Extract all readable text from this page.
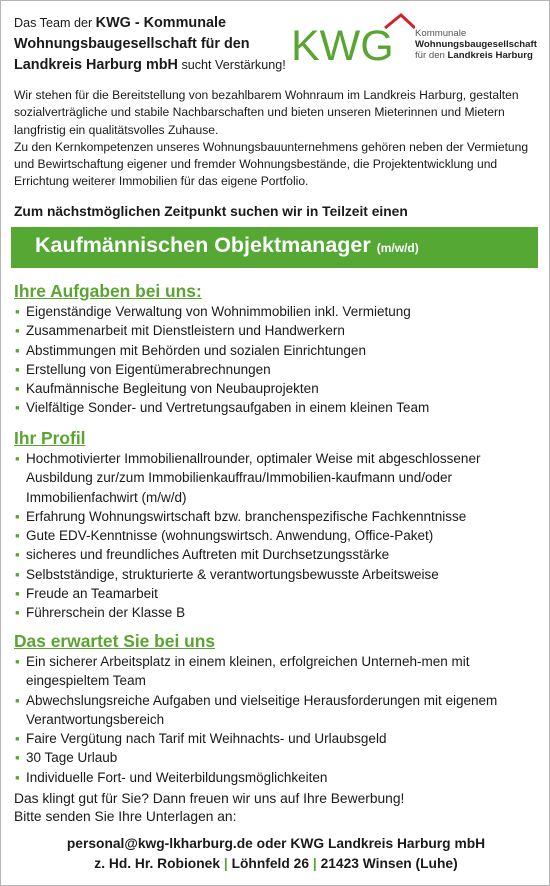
Das Team der KWG - Kommunale Wohnungsbaugesellschaft für den Landkreis Harburg mbH sucht Verstärkung! KWG Kommunale
Wohnungsbaugesellschaft
für den Landkreis Harburg
Wir stehen für die Bereitstellung von bezahlbarem Wohnraum im Landkreis Harburg, gestalten sozialverträgliche und stabile Nachbarschaften und bieten unseren Mieterinnen und Mietern langfristig ein qualitätsvolles Zuhause.
Zu den Kernkompetenzen unseres Wohnungsbauunternehmens gehören neben der Vermietung und Bewirtschaftung eigener und fremder Wohnungsbestände, die Projektentwicklung und Errichtung weiterer Immobilien für das eigene Portfolio.
Zum nächstmöglichen Zeitpunkt suchen wir in Teilzeit einen
Kaufmännischen Objektmanager (m/w/d)
Ihre Aufgaben bei uns:
▪ Eigenständige Verwaltung von Wohnimmobilien inkl. Vermietung
▪ Zusammenarbeit mit Dienstleistern und Handwerkern
▪ Abstimmungen mit Behörden und sozialen Einrichtungen
▪ Erstellung von Eigentümerabrechnungen
▪ Kaufmännische Begleitung von Neubauprojekten
▪ Vielfältige Sonder- und Vertretungsaufgaben in einem kleinen Team
Ihr Profil
▪ Hochmotivierter Immobilienallrounder, optimaler Weise mit abgeschlossener Ausbildung zur/zum Immobilienkauffrau/Immobilien-kaufmann und/oder Immobilienfachwirt (m/w/d)
▪ Erfahrung Wohnungswirtschaft bzw. branchenspezifische Fachkenntnisse
▪ Gute EDV-Kenntnisse (wohnungswirtsch. Anwendung, Office-Paket)
▪ sicheres und freundliches Auftreten mit Durchsetzungsstärke
▪ Selbstständige, strukturierte & verantwortungsbewusste Arbeitsweise
▪ Freude an Teamarbeit
▪ Führerschein der Klasse B
Das erwartet Sie bei uns
▪ Ein sicherer Arbeitsplatz in einem kleinen, erfolgreichen Unterneh-men mit eingespieltem Team
▪ Abwechslungsreiche Aufgaben und vielseitige Herausforderungen mit eigenem Verantwortungsbereich
▪ Faire Vergütung nach Tarif mit Weihnachts- und Urlaubsgeld
▪ 30 Tage Urlaub
▪ Individuelle Fort- und Weiterbildungsmöglichkeiten
Das klingt gut für Sie? Dann freuen wir uns auf Ihre Bewerbung!
Bitte senden Sie Ihre Unterlagen an:
personal@kwg-lkharburg.de oder KWG Landkreis Harburg mbH
z. Hd. Hr. Robionek | Löhnfeld 26 | 21423 Winsen (Luhe)
